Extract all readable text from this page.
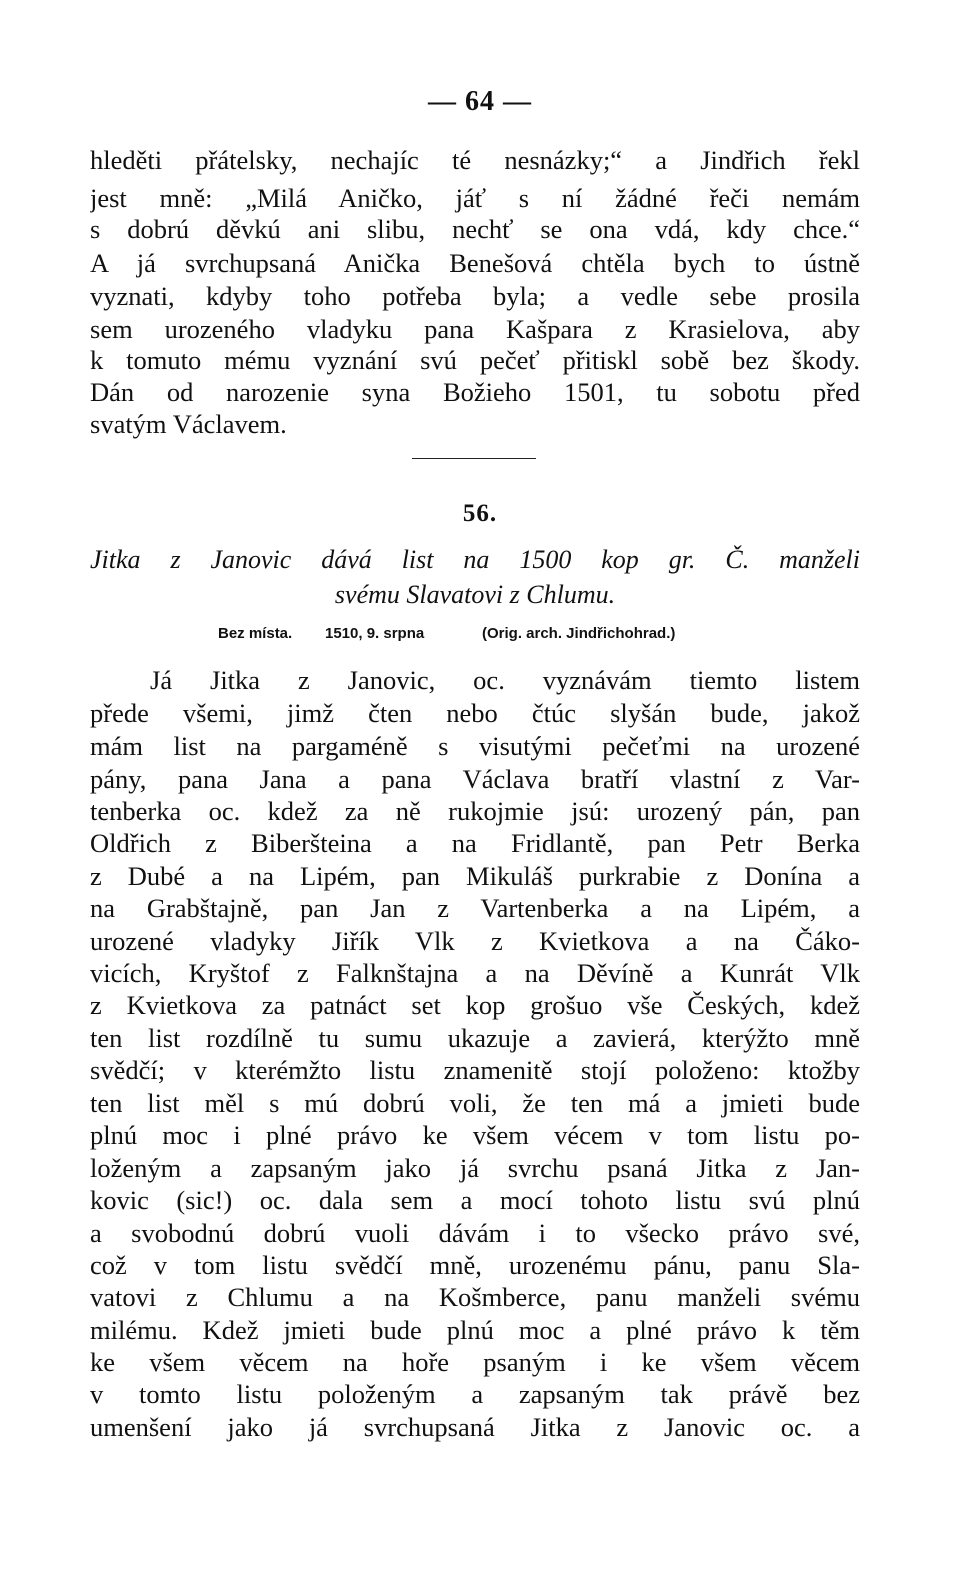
— 64 —
hleděti přátelsky, nechajíc té nesnázky;“ a Jindřich řekl
jest mně: „Milá Aničko, jáť s ní žádné řeči nemám
s dobrú děvkú ani slibu, nechť se ona vdá, kdy chce.“
A já svrchupsaná Anička Benešová chtěla bych to ústně
vyznati, kdyby toho potřeba byla; a vedle sebe prosila
sem urozeného vladyku pana Kašpara z Krasielova, aby
k tomuto mému vyznání svú pečeť přitiskl sobě bez škody.
Dán od narozenie syna Božieho 1501, tu sobotu před
svatým Václavem.
56.
Jitka z Janovic dává list na 1500 kop gr. Č. manželi
svému Slavatovi z Chlumu.
Bez místa. 1510, 9. srpna	(Orig. arch. Jindřichohrad.)
Já Jitka z Janovic, oc. vyznávám tiemto listem
přede všemi, jimž čten nebo čtúc slyšán bude, jakož
mám list na pargaméně s visutými pečeťmi na urozené
pány, pana Jana a pana Václava bratří vlastní z Var-
tenberka oc. kdež za ně rukojmie jsú: urozený pán, pan
Oldřich z Biberšteina a na Fridlantě, pan Petr Berka
z Dubé a na Lipém, pan Mikuláš purkrabie z Donína a
na Grabštajně, pan Jan z Vartenberka a na Lipém, a
urozené vladyky Jiřík Vlk z Kvietkova a na Čáko-
vicích, Kryštof z Falknštajna a na Děvíně a Kunrát Vlk
z Kvietkova za patnáct set kop grošuo vše Českých, kdež
ten list rozdílně tu sumu ukazuje a zavierá, kterýžto mně
svědčí; v kterémžto listu znamenitě stojí položeno: ktožby
ten list měl s mú dobrú voli, že ten má a jmieti bude
plnú moc i plné právo ke všem vécem v tom listu po-
loženým a zapsaným jako já svrchu psaná Jitka z Jan-
kovic (sic!) oc. dala sem a mocí tohoto listu svú plnú
a svobodnú dobrú vuoli dávám i to všecko právo své,
což v tom listu svědčí mně, urozenému pánu, panu Sla-
vatovi z Chlumu a na Košmberce, panu manželi svému
milému. Kdež jmieti bude plnú moc a plné právo k těm
ke všem věcem na hoře psaným i ke všem věcem
v tomto listu položeným a zapsaným tak právě bez
umenšení jako já svrchupsaná Jitka z Janovic oc. a
